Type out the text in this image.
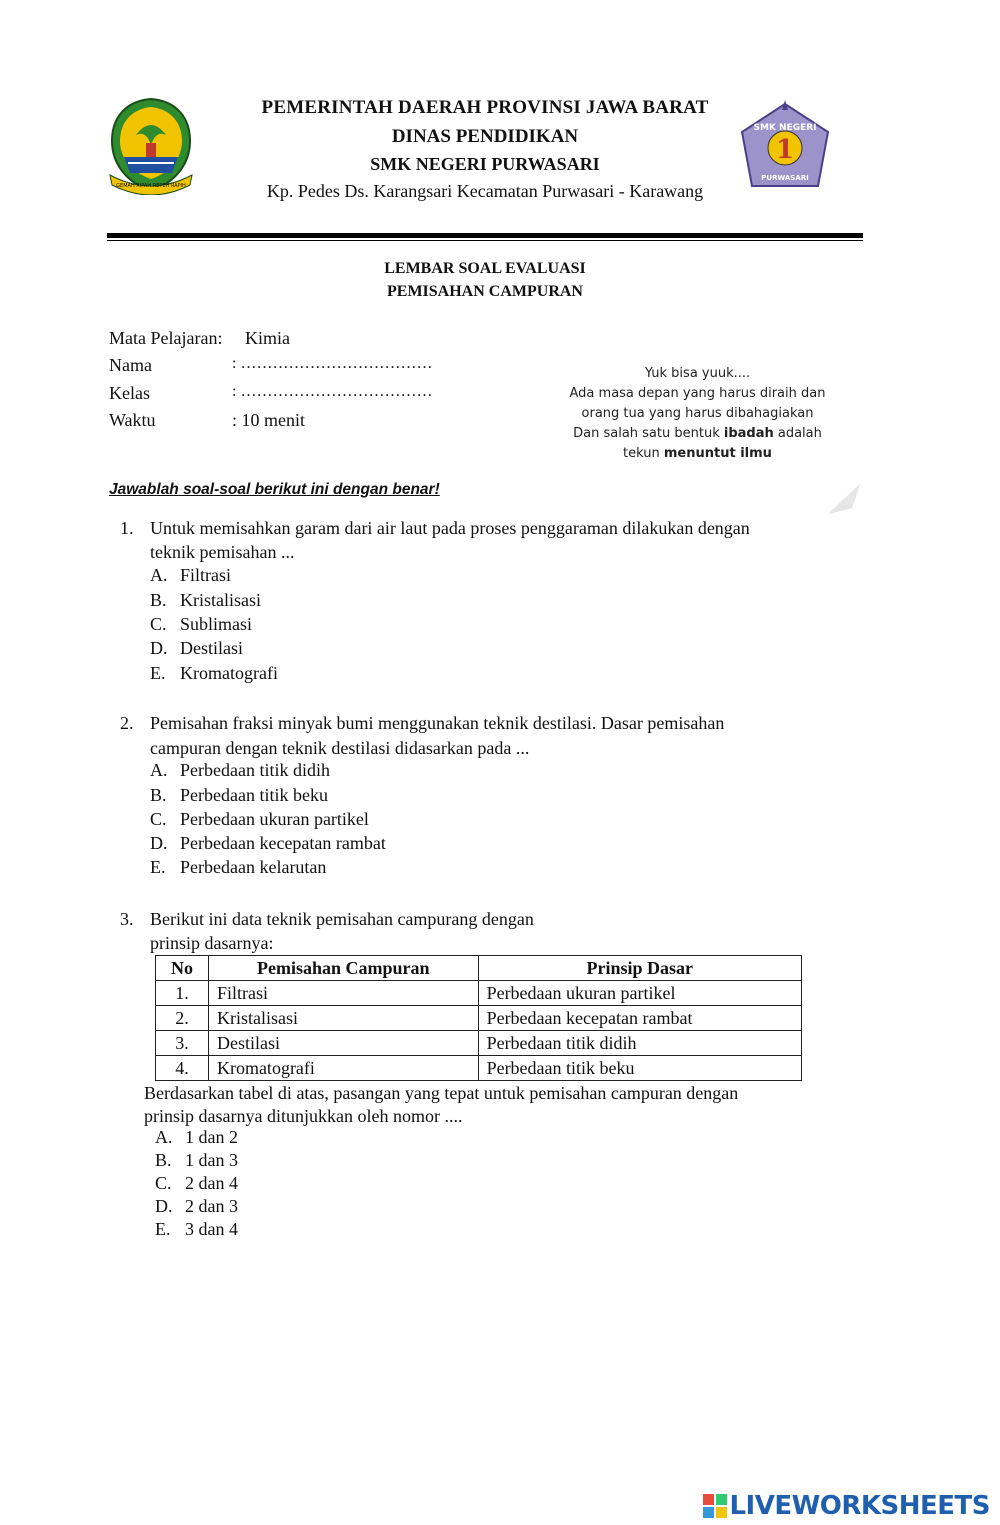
GEMAH RIPAH REPEH RAPIH
PEMERINTAH DAERAH PROVINSI JAWA BARAT
DINAS PENDIDIKAN
SMK NEGERI PURWASARI
Kp. Pedes Ds. Karangsari Kecamatan Purwasari - Karawang
SMK NEGERI
1
PURWASARI
LEMBAR SOAL EVALUASI
PEMISAHAN CAMPURAN
Mata Pelajaran: Kimia
Nama	: ………………………………
Kelas	: ………………………………
Waktu	: 10 menit
Yuk bisa yuuk....
Ada masa depan yang harus diraih dan
orang tua yang harus dibahagiakan
Dan salah satu bentuk ibadah adalah
tekun menuntut ilmu
Jawablah soal-soal berikut ini dengan benar!
1. Untuk memisahkan garam dari air laut pada proses penggaraman dilakukan dengan
teknik pemisahan ...
A. Filtrasi
B. Kristalisasi
C. Sublimasi
D. Destilasi
E. Kromatografi
2. Pemisahan fraksi minyak bumi menggunakan teknik destilasi. Dasar pemisahan
campuran dengan teknik destilasi didasarkan pada ...
A. Perbedaan titik didih
B. Perbedaan titik beku
C. Perbedaan ukuran partikel
D. Perbedaan kecepatan rambat
E. Perbedaan kelarutan
3. Berikut ini data teknik pemisahan campurang dengan
prinsip dasarnya:
No	Pemisahan Campuran	Prinsip Dasar
1.	Filtrasi	Perbedaan ukuran partikel
2.	Kristalisasi	Perbedaan kecepatan rambat
3.	Destilasi	Perbedaan titik didih
4.	Kromatografi	Perbedaan titik beku
Berdasarkan tabel di atas, pasangan yang tepat untuk pemisahan campuran dengan
prinsip dasarnya ditunjukkan oleh nomor ....
A. 1 dan 2
B. 1 dan 3
C. 2 dan 4
D. 2 dan 3
E. 3 dan 4
LIVEWORKSHEETS
